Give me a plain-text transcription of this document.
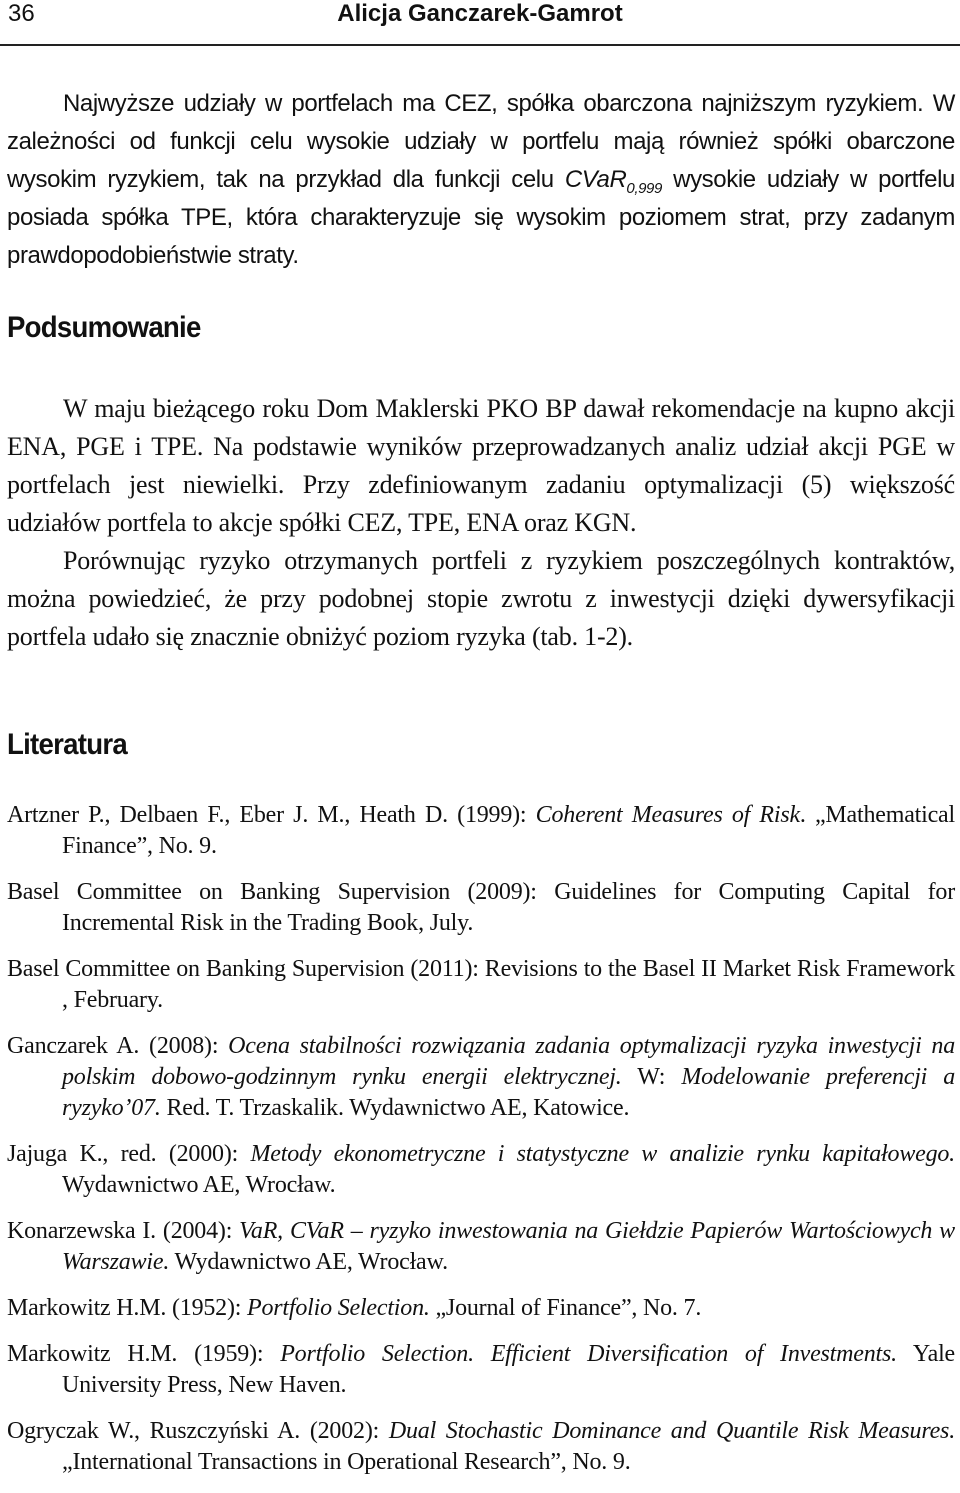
36	Alicja Ganczarek-Gamrot

Najwyższe udziały w portfelach ma CEZ, spółka obarczona najniższym ryzykiem. W zależności od funkcji celu wysokie udziały w portfelu mają również spółki obarczone wysokim ryzykiem, tak na przykład dla funkcji celu CVaR$_{0,999}$ wysokie udziały w portfelu posiada spółka TPE, która charakteryzuje się wysokim poziomem strat, przy zadanym prawdopodobieństwie straty.

Podsumowanie

W maju bieżącego roku Dom Maklerski PKO BP dawał rekomendacje na kupno akcji ENA, PGE i TPE. Na podstawie wyników przeprowadzanych analiz udział akcji PGE w portfelach jest niewielki. Przy zdefiniowanym zadaniu optymalizacji (5) większość udziałów portfela to akcje spółki CEZ, TPE, ENA oraz KGN.

Porównując ryzyko otrzymanych portfeli z ryzykiem poszczególnych kontraktów, można powiedzieć, że przy podobnej stopie zwrotu z inwestycji dzięki dywersyfikacji portfela udało się znacznie obniżyć poziom ryzyka (tab. 1-2).

Literatura

Artzner P., Delbaen F., Eber J. M., Heath D. (1999): Coherent Measures of Risk. „Mathematical Finance”, No. 9.

Basel Committee on Banking Supervision (2009): Guidelines for Computing Capital for Incremental Risk in the Trading Book, July.

Basel Committee on Banking Supervision (2011): Revisions to the Basel II Market Risk Framework , February.

Ganczarek A. (2008): Ocena stabilności rozwiązania zadania optymalizacji ryzyka inwestycji na polskim dobowo-godzinnym rynku energii elektrycznej. W: Modelowanie preferencji a ryzyko’07. Red. T. Trzaskalik. Wydawnictwo AE, Katowice.

Jajuga K., red. (2000): Metody ekonometryczne i statystyczne w analizie rynku kapitałowego. Wydawnictwo AE, Wrocław.

Konarzewska I. (2004): VaR, CVaR – ryzyko inwestowania na Giełdzie Papierów Wartościowych w Warszawie. Wydawnictwo AE, Wrocław.

Markowitz H.M. (1952): Portfolio Selection. „Journal of Finance”, No. 7.

Markowitz H.M. (1959): Portfolio Selection. Efficient Diversification of Investments. Yale University Press, New Haven.

Ogryczak W., Ruszczyński A. (2002): Dual Stochastic Dominance and Quantile Risk Measures. „International Transactions in Operational Research”, No. 9.
